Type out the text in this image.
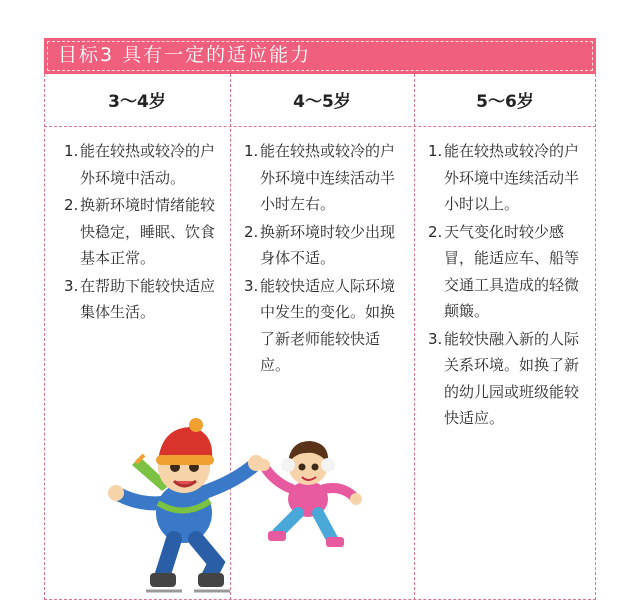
目标3 具有一定的适应能力
3～4岁	4～5岁	5～6岁
1. 能在较热或较冷的户外环境中活动。
2. 换新环境时情绪能较快稳定，睡眠、饮食基本正常。
3. 在帮助下能较快适应集体生活。
1. 能在较热或较冷的户外环境中连续活动半小时左右。
2. 换新环境时较少出现身体不适。
3. 能较快适应人际环境中发生的变化。如换了新老师能较快适应。
1. 能在较热或较冷的户外环境中连续活动半小时以上。
2. 天气变化时较少感冒，能适应车、船等交通工具造成的轻微颠簸。
3. 能较快融入新的人际关系环境。如换了新的幼儿园或班级能较快适应。
